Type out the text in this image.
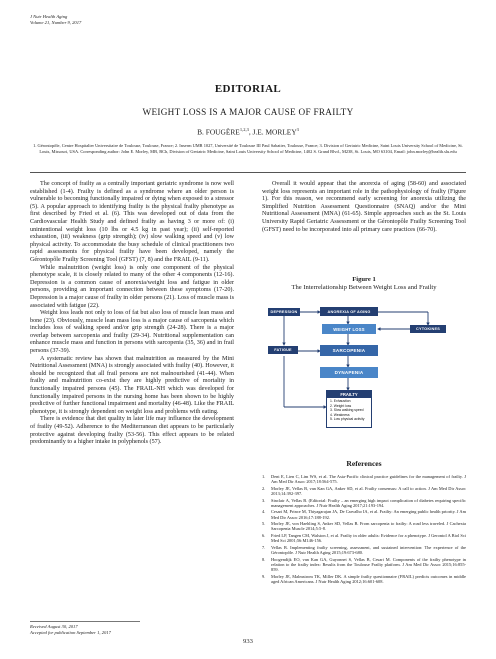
J Nutr Health Aging
Volume 21, Number 9, 2017
EDITORIAL
WEIGHT LOSS IS A MAJOR CAUSE OF FRAILTY
B. FOUGÈRE$^{1,2,3}$, J.E. MORLEY$^3$
1. Gérontopôle, Centre Hospitalier Universitaire de Toulouse, Toulouse, France; 2. Inserm UMR 1027, Université de Toulouse III Paul Sabatier, Toulouse, France; 3. Division of Geriatric Medicine, Saint Louis University School of Medicine, St. Louis, Missouri, USA. Corresponding author: John E. Morley, MB, BCh, Division of Geriatric Medicine, Saint Louis University School of Medicine, 1402 S. Grand Blvd., M238, St. Louis, MO 63104, Email: john.morley@health.slu.edu

The concept of frailty as a centrally important geriatric syndrome is now well established (1-4). Frailty is defined as a syndrome where an older person is vulnerable to becoming functionally impaired or dying when exposed to a stressor (5). A popular approach to identifying frailty is the physical frailty phenotype as first described by Fried et al. (6). This was developed out of data from the Cardiovascular Health Study and defined frailty as having 3 or more of: (i) unintentional weight loss (10 lbs or 4.5 kg in past year); (ii) self-reported exhaustion, (iii) weakness (grip strength); (iv) slow walking speed and (v) low physical activity. To accommodate the busy schedule of clinical practitioners two rapid assessments for physical frailty have been developed, namely the Gérontopôle Frailty Screening Tool (GFST) (7, 8) and the FRAIL (9-11).

While malnutrition (weight loss) is only one component of the physical phenotype scale, it is closely related to many of the other 4 components (12-16). Depression is a common cause of anorexia/weight loss and fatigue in older persons, providing an important connection between these symptoms (17-20). Depression is a major cause of frailty in older persons (21). Loss of muscle mass is associated with fatigue (22).

Weight loss leads not only to loss of fat but also loss of muscle lean mass and bone (23). Obviously, muscle lean mass loss is a major cause of sarcopenia which includes loss of walking speed and/or grip strength (24-28). There is a major overlap between sarcopenia and frailty (29-34). Nutritional supplementation can enhance muscle mass and function in persons with sarcopenia (35, 36) and in frail persons (37-39).

A systematic review has shown that malnutrition as measured by the Mini Nutritional Assessment (MNA) is strongly associated with frailty (40). However, it should be recognized that all frail persons are not malnourished (41-44). When frailty and malnutrition co-exist they are highly predictive of mortality in functionally impaired persons (45). The FRAIL-NH which was developed for functionally impaired persons in the nursing home has been shown to be highly predictive of further functional impairment and mortality (46-48). Like the FRAIL phenotype, it is strongly dependent on weight loss and problems with eating.

There is evidence that diet quality in later life may influence the development of frailty (49-52). Adherence to the Mediterranean diet appears to be particularly protective against developing frailty (53-56). This effect appears to be related predominantly to a higher intake in polyphenols (57).

Overall it would appear that the anorexia of aging (58-60) and associated weight loss represents an important role in the pathophysiology of frailty (Figure 1). For this reason, we recommend early screening for anorexia utilizing the Simplified Nutrition Assessment Questionnaire (SNAQ) and/or the Mini Nutritional Assessment (MNA) (61-65). Simple approaches such as the St. Louis University Rapid Geriatric Assessment or the Gérontopôle Frailty Screening Tool (GFST) need to be incorporated into all primary care practices (66-70).

Figure 1
The Interrelationship Between Weight Loss and Frailty
DEPRESSION	ANOREXIA OF AGING
WEIGHT LOSS	CYTOKINES
FATIGUE	SARCOPENIA
DYNAPENIA
FRAILTY
1. Exhaustion
2. Weight loss
3. Slow walking speed
4. Weakness
5. Low physical activity
References
1.	Dent E, Lien C, Lim WS, et al. The Asia-Pacific clinical practice guidelines for the management of frailty. J Am Med Dir Assoc 2017;18:564-575.
2.	Morley JE, Vellas B, van Kan GA, Anker SD, et al. Frailty consensus: A call to action. J Am Med Dir Assoc 2013;14:392-397.
3.	Sinclair A, Vellas B. (Editorial: Frailty – an emerging high impact complication of diabetes requiring specific management approaches. J Nutr Health Aging 2017;21:193-194.
4.	Cesari M, Prince M, Thiyagarajan JA, De Carvalho IA, et al. Frailty: An emerging public health priority. J Am Med Dir Assoc 2016;17:188-192.
5.	Morley JE, von Haehling S, Anker SD, Vellas B. From sarcopenia to frailty: A road less traveled. J Cachexia Sarcopenia Muscle 2014;5:5-8.
6.	Fried LP, Tangen CM, Walston J, et al. Frailty in older adults: Evidence for a phenotype. J Gerontol A Biol Sci Med Sci 2001;56:M146-156.
7.	Vellas B. Implementing frailty screening, assessment, and sustained intervention: The experience of the Gérontopôle. J Nutr Health Aging 2015;19:673-680.
8.	Hoogendijk EO, van Kan GA, Guyonnet S, Vellas B, Cesari M. Components of the frailty phenotype in relation to the frailty index: Results from the Toulouse Frailty platform. J Am Med Dir Assoc 2015;16:855-859.
9.	Morley JE, Malmstrom TK, Miller DK. A simple frailty questionnaire (FRAIL) predicts outcomes in middle aged African Americans. J Nutr Health Aging 2012;16:601-608.
Received August 30, 2017
Accepted for publication September 1, 2017
933
